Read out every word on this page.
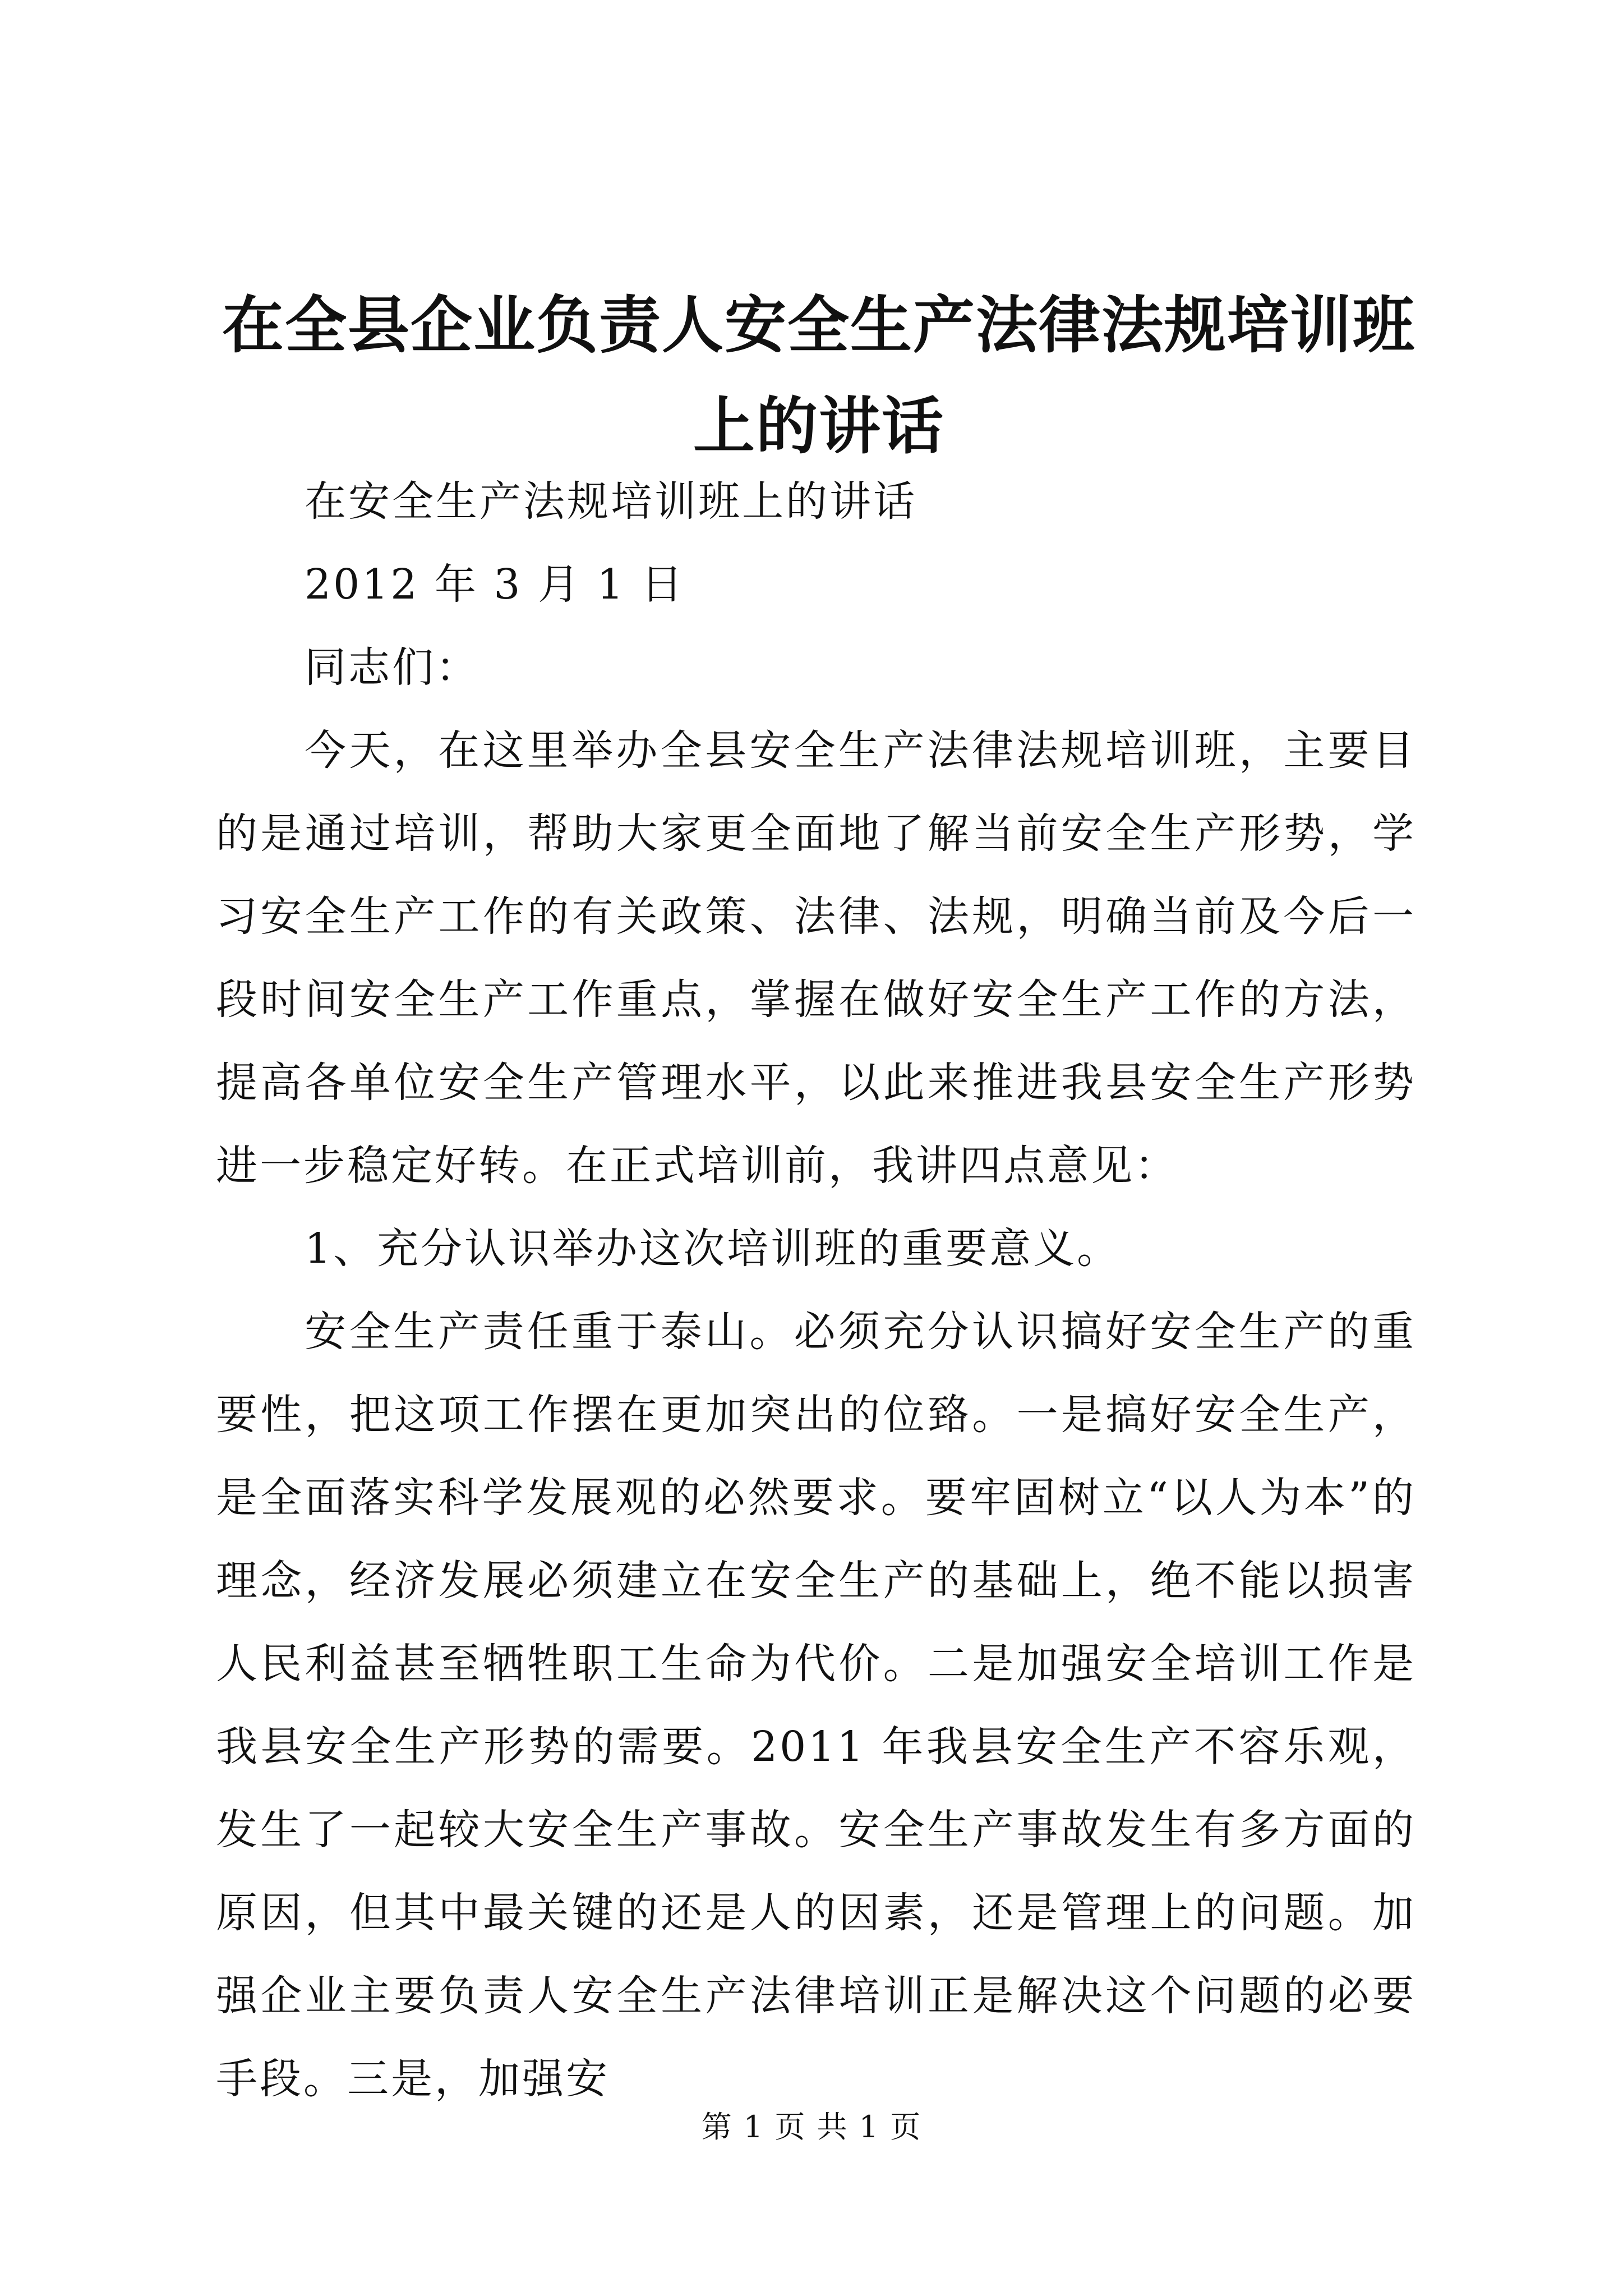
在全县企业负责人安全生产法律法规培训班上的讲话

在安全生产法规培训班上的讲话

2012 年 3 月 1 日

同志们：

今天，在这里举办全县安全生产法律法规培训班，主要目的是通过培训，帮助大家更全面地了解当前安全生产形势，学习安全生产工作的有关政策、法律、法规，明确当前及今后一段时间安全生产工作重点，掌握在做好安全生产工作的方法，提高各单位安全生产管理水平，以此来推进我县安全生产形势进一步稳定好转。在正式培训前，我讲四点意见：

1、充分认识举办这次培训班的重要意义。

安全生产责任重于泰山。必须充分认识搞好安全生产的重要性，把这项工作摆在更加突出的位臵。一是搞好安全生产，是全面落实科学发展观的必然要求。要牢固树立“以人为本”的理念，经济发展必须建立在安全生产的基础上，绝不能以损害人民利益甚至牺牲职工生命为代价。二是加强安全培训工作是我县安全生产形势的需要。2011 年我县安全生产不容乐观，发生了一起较大安全生产事故。安全生产事故发生有多方面的原因，但其中最关键的还是人的因素，还是管理上的问题。加强企业主要负责人安全生产法律培训正是解决这个问题的必要手段。三是，加强安

第 1 页 共 1 页
